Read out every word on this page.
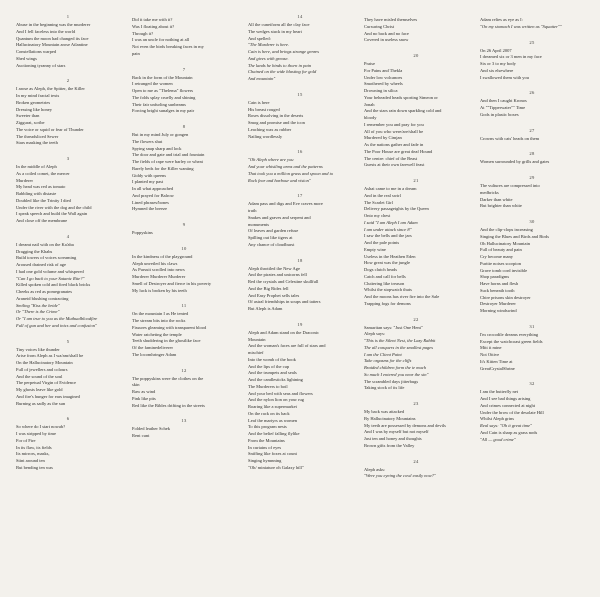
1
Abuse in the beginning was the murderer
And I fell faceless into the world
Quantum the moon had changed its face
Hallucinatory Mountain arose Atlantine
Constellations warped
Shed wings
Auctioning tyranny of stars
2
I arose as Aleph, the Spitter, the Killer
In my mind fractal texts
Broken geometries
Dressing like honey
Sweeter than
Ziggurat, scribe
The voice or squid or fear of Thunder
The threadsliced Sewer
Stars masking the teeth
3
In the middle of Aleph
As a coiled comet, the mercer
Murderer
My head was red as tomato
Babbling with distaste
Doubled like the Trinity I died
Under the river with the dog and the child
I speak speech and build the Wall again
And close off the membrane
4
I dreamt nail with on the Ka'aba
Dragging the Khabs
Build towers of voices screaming
Aroused drained risk of age
I had one gold volume and whispered
"Can I go back to your Satanic Rite?"
Killed spoken cold and fired black bricks
Cheeks as red as pomegranates
Araneid blushing contracting
Smiling "Kiss the bride"
Or "There is the Crime"
Or "I am true to you as the Muthualbloodfire
Full of gun and her and inics and confusion"
5
Tiny voices like thunder
Arise from Aleph as I wa/am/shall be
On the Hallucinatory Mountain
Full of jewellers and colours
And the sound of the soul
The perpetual Virgin of Evidence
My ghosts leave like gold
And fire's hunger for ears imagined
Burning as sadly as the sun
6
So where do I start nowab?
I was stripped by time
For of Fire
In its flaw, its fields
Its mirrors, masks,
Stint around ten
But bending ten was
Did it take me with it?
Was I floating about it?
Through it?
I was an uncle for nothing at all
Not even the birds breaking faces in my
pain
7
Back in the form of the Mountain
I retranged the women
Open to me as "Thelema" flowers
The folds splay cruelly and shining
Their fair unfurling sunbeams
Forcing bright sunalges in my pair
8
But in my mind July or gongen
The flowers shut
Spying snap sharp and lock
The door and gate and trial and fountain
The fields of rape were barley or wheat
Barely beds for the Killer wanting
Giddy with queens
I planted my past
In all what approached
And prayed for Balrow
Lined phrases/bones
Hymned the breeze
9
Poppyskins
10
In the kindness of the playground
Aleph unveiled his claws
As Pursuit scrolled into news
Murderer Murderer Murderer
Smell of Destroyer and fierce in his poverty
My luck is broken by his teeth
11
On the mountain I as He tented
The stream bits into the rocks
Fissures gleaming with transparent blood
Water ratcheting the temple
Teeth shuddering in the ghostlike face
Of the faminedeliverer
The locomhringer Adam
12
The poppyskins were the clothes on the
skin
Raw as wind
Pink like pits
Red like the Bibles drifting in the streets
13
Folded leather Schek
Rent cunt
14
All the cuneiform all the clay face
The wedges stuck in my heart
And spelled:
"The Murderer is here.
Cain is here, and brings strange genres
And gives with grease.
The lands he binds to thorn in pain
Chained on the wide blasting for gold
And mountain"
15
Cain is here
His breast rouged
Roses dissolving in the deserts
Smog and promise and the icon
Leaching wax as rubber
Nailing wordlessly
16
"Oh Aleph where are you
And your whistling arms and the patterns
That took you a million grass and spoon and to
Rock fear and harbour and vision"
17
Adam pass and digs and Eve craves more
truth
Snakes and graves and serpent and
monuments
Of leaves and garden refuse
Spilling out like tigers at
Any chance of cloudburst
18
Aleph throttled the New Age
And the pirates and unicorns fell
Red the crystals and Celestine skullfull
And the Big Rides fell
And Easy Prophet sells tales
Of astral friendships in soups and tatters
But Aleph is Adam
19
Aleph and Adam stand on the Draconic
Mountain
And the woman's faces are full of stars and
mischief
Into the womb of the book
And the lips of the cup
And the trumpets and seals
And the candlesticks lightning
The Murderers to boil
And your bed with seas and flowers
And the nylon lion on your rug
Roaring like a supermarket
On the rack on its back
Leaf the martyrs as women
To this program nests
And the belief falling flylike
From the Mountains
In curtains of eyes
Sniffing like foxes at count
Singing hymnning
"Oh/ miniature oh Galaxy hill"
They have misled themselves
Cursuring Christ
And no back and no face
Covered in useless snow
20
Praise
For Pains and Thekla
Under low volcanoes
Smothered by wheels
Drowning in silica
Your beheaded heads sporting Simeon or
Jonah
And the stars rain down sparkling cold and
bloody
I remember you and pray for you
All of you who were/are/shall be
Murdered by Cimjan
As the nations gather and fade in
The Poor House are great deaf Hound
The centre: chief of the Beast
Guests at their own farewell feast
21
Ashai came to me in a dream
And in the real swirl
The Scarlet Girl
Delivery passageights by the Queen
Onto my chest
I said "I am Aleph I am Adam
I am under attack since 8"
I saw the bells and the jars
And the pale points
Empty wine
Useless in the Heathen Eden
How great was the jungle
Dogs clutch heads
Catch and call for bells
Cluttering like treason
Whilst the stopwatch thuts
And the moons has river fire into the Sale
Trapping fogs for demons
22
Samaritan says: "Just One Hent"
Aleph says:
"This is the Silent Nest, the Lazy Rabbit
The all conquers in the smallest pages
I am the Client Paint
Take orgasms for the cliffs
Braided children form the ie much
So much I entered you near the sin"
The scrambled days jitterbugs
Taking stock of its life
23
My back was attacked
By Hallucinatory Mountains
My teeth are possessed by demons and devils
And I was by myself but not myself
Just ten and honey and thoughts
Brown gifts from the Valley
24
Aleph asks:
"Were you eyeing the cowl easily now?"
Adam relies as eye as I:
"On my stomach I was written as "Squatter""
25
On 26 April 2007
I dreamed six or 3 men in my face
Six or 3 to my body
And six elsewhere
I swallowed them with you
26
And then I caught Kronos
At ""Tipperwater"" Time
Gods in plastic boxes
27
Crowns with cats' heads on them
28
Women surrounded by grills and gates
29
The vultures are compressed into
medbricks
Darker than white
But brighter than white
30
And the clip-clops increasing
Singing the Blues and Birds and Birds
Oh Hallucinatory Mountain
Full of beauty and pain
Cry become many
Puritte noises scorpion
Grave tomb cord invisible
Shop paradigms
Have horns and flesh
Suck beneath tooth
Chire prisons skin destroyer
Destroyer Murderer
Morning windswind
31
I'm crocodile dreams everything
Except the watchcoast green fields
Mitt it mine
Not Ottive
It's Kitten Time at
GreatCrystalShrine
32
I am the butterfly net
And I see bad things arising
And crimes connected at night
Under the brow of the desolate Hill
Whilst Aleph grins
Real says: "Oh it great time"
And Cain is sharp as grass nods
"All — good crime"
